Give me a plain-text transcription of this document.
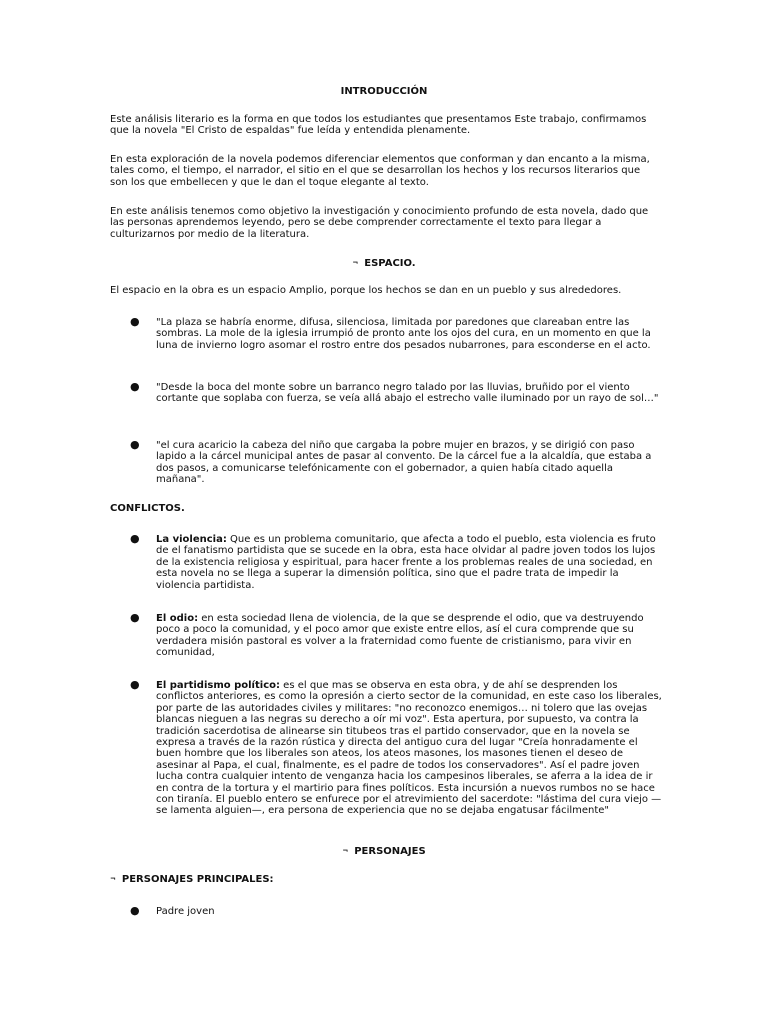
INTRODUCCIÓN

Este análisis literario es la forma en que todos los estudiantes que presentamos Este trabajo, confirmamos que la novela "El Cristo de espaldas" fue leída y entendida plenamente.

En esta exploración de la novela podemos diferenciar elementos que conforman y dan encanto a la misma, tales como, el tiempo, el narrador, el sitio en el que se desarrollan los hechos y los recursos literarios que son los que embellecen y que le dan el toque elegante al texto.

En este análisis tenemos como objetivo la investigación y conocimiento profundo de esta novela, dado que las personas aprendemos leyendo, pero se debe comprender correctamente el texto para llegar a culturizarnos por medio de la literatura.

¬ ESPACIO.

El espacio en la obra es un espacio Amplio, porque los hechos se dan en un pueblo y sus alrededores.

● "La plaza se habría enorme, difusa, silenciosa, limitada por paredones que clareaban entre las sombras. La mole de la iglesia irrumpió de pronto ante los ojos del cura, en un momento en que la luna de invierno logro asomar el rostro entre dos pesados nubarrones, para esconderse en el acto.

● "Desde la boca del monte sobre un barranco negro talado por las lluvias, bruñido por el viento cortante que soplaba con fuerza, se veía allá abajo el estrecho valle iluminado por un rayo de sol…"

● "el cura acaricio la cabeza del niño que cargaba la pobre mujer en brazos, y se dirigió con paso lapido a la cárcel municipal antes de pasar al convento. De la cárcel fue a la alcaldía, que estaba a dos pasos, a comunicarse telefónicamente con el gobernador, a quien había citado aquella mañana".

CONFLICTOS.
● La violencia: Que es un problema comunitario, que afecta a todo el pueblo, esta violencia es fruto de el fanatismo partidista que se sucede en la obra, esta hace olvidar al padre joven todos los lujos de la existencia religiosa y espiritual, para hacer frente a los problemas reales de una sociedad, en esta novela no se llega a superar la dimensión política, sino que el padre trata de impedir la violencia partidista.

● El odio: en esta sociedad llena de violencia, de la que se desprende el odio, que va destruyendo poco a poco la comunidad, y el poco amor que existe entre ellos, así el cura comprende que su verdadera misión pastoral es volver a la fraternidad como fuente de cristianismo, para vivir en comunidad,

● El partidismo político: es el que mas se observa en esta obra, y de ahí se desprenden los conflictos anteriores, es como la opresión a cierto sector de la comunidad, en este caso los liberales, por parte de las autoridades civiles y militares: "no reconozco enemigos… ni tolero que las ovejas blancas nieguen a las negras su derecho a oír mi voz". Esta apertura, por supuesto, va contra la tradición sacerdotisa de alinearse sin titubeos tras el partido conservador, que en la novela se expresa a través de la razón rústica y directa del antiguo cura del lugar "Creía honradamente el buen hombre que los liberales son ateos, los ateos masones, los masones tienen el deseo de asesinar al Papa, el cual, finalmente, es el padre de todos los conservadores". Así el padre joven lucha contra cualquier intento de venganza hacia los campesinos liberales, se aferra a la idea de ir en contra de la tortura y el martirio para fines políticos. Esta incursión a nuevos rumbos no se hace con tiranía. El pueblo entero se enfurece por el atrevimiento del sacerdote: "lástima del cura viejo —se lamenta alguien—, era persona de experiencia que no se dejaba engatusar fácilmente"

¬ PERSONAJES
¬ PERSONAJES PRINCIPALES:
● Padre joven
